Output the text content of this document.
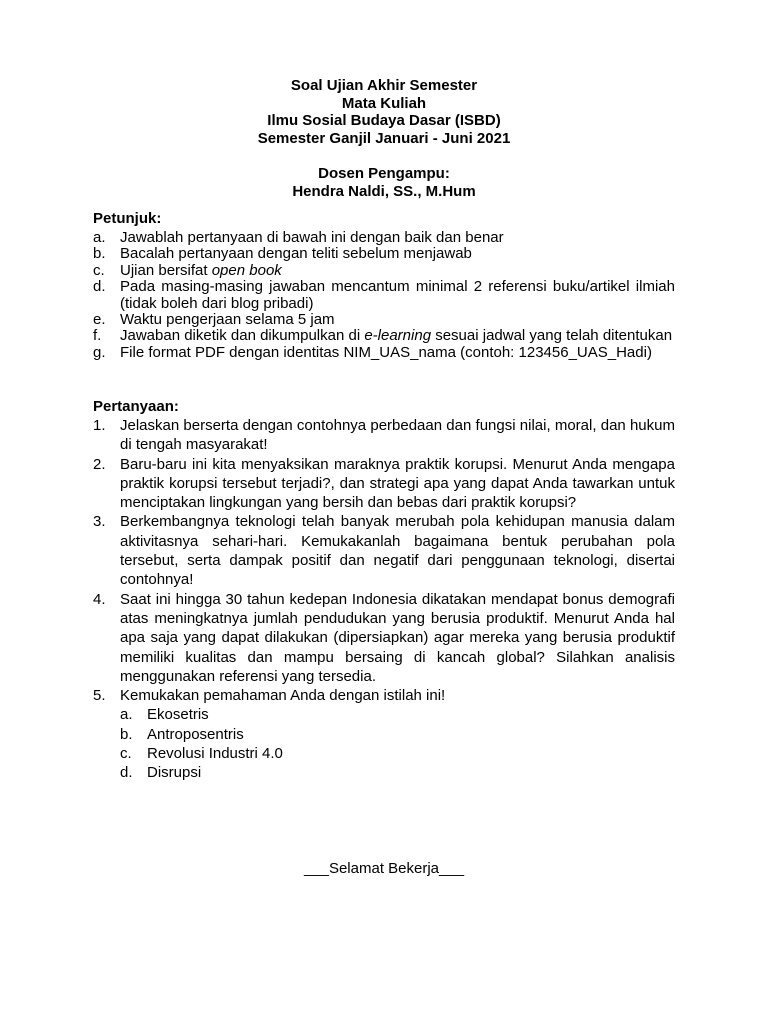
Soal Ujian Akhir Semester
Mata Kuliah
Ilmu Sosial Budaya Dasar (ISBD)
Semester Ganjil Januari - Juni 2021
Dosen Pengampu:
Hendra Naldi, SS., M.Hum
Petunjuk:
a. Jawablah pertanyaan di bawah ini dengan baik dan benar
b. Bacalah pertanyaan dengan teliti sebelum menjawab
c.	Ujian bersifat open book
d. Pada masing-masing jawaban mencantum minimal 2 referensi buku/artikel ilmiah (tidak boleh dari blog pribadi)
e. Waktu pengerjaan selama 5 jam
f.	Jawaban diketik dan dikumpulkan di e-learning sesuai jadwal yang telah ditentukan
g. File format PDF dengan identitas NIM_UAS_nama (contoh: 123456_UAS_Hadi)
Pertanyaan:
1. Jelaskan berserta dengan contohnya perbedaan dan fungsi nilai, moral, dan hukum di tengah masyarakat!
2. Baru-baru ini kita menyaksikan maraknya praktik korupsi. Menurut Anda mengapa praktik korupsi tersebut terjadi?, dan strategi apa yang dapat Anda tawarkan untuk menciptakan lingkungan yang bersih dan bebas dari praktik korupsi?
3. Berkembangnya teknologi telah banyak merubah pola kehidupan manusia dalam aktivitasnya sehari-hari. Kemukakanlah bagaimana bentuk perubahan pola tersebut, serta dampak positif dan negatif dari penggunaan teknologi, disertai contohnya!
4. Saat ini hingga 30 tahun kedepan Indonesia dikatakan mendapat bonus demografi atas meningkatnya jumlah pendudukan yang berusia produktif. Menurut Anda hal apa saja yang dapat dilakukan (dipersiapkan) agar mereka yang berusia produktif memiliki kualitas dan mampu bersaing di kancah global? Silahkan analisis menggunakan referensi yang tersedia.
5. Kemukakan pemahaman Anda dengan istilah ini!
a. Ekosetris
b. Antroposentris
c.	Revolusi Industri 4.0
d. Disrupsi
___Selamat Bekerja___
